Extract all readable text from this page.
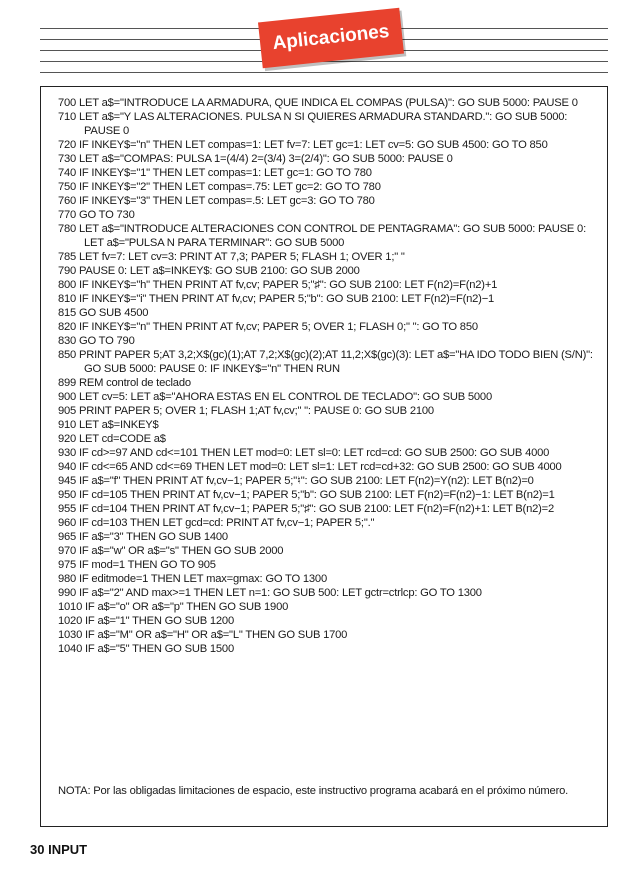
Aplicaciones
700 LET a$="INTRODUCE LA ARMADURA, QUE INDICA EL COMPAS (PULSA)": GO SUB 5000: PAUSE 0
710 LET a$="Y LAS ALTERACIONES. PULSA N SI QUIERES ARMADURA STANDARD.": GO SUB 5000: PAUSE 0
720 IF INKEY$="n" THEN LET compas=1: LET fv=7: LET gc=1: LET cv=5: GO SUB 4500: GO TO 850
730 LET a$="COMPAS: PULSA 1=(4/4) 2=(3/4) 3=(2/4)": GO SUB 5000: PAUSE 0
740 IF INKEY$="1" THEN LET compas=1: LET gc=1: GO TO 780
750 IF INKEY$="2" THEN LET compas=.75: LET gc=2: GO TO 780
760 IF INKEY$="3" THEN LET compas=.5: LET gc=3: GO TO 780
770 GO TO 730
780 LET a$="INTRODUCE ALTERACIONES CON CONTROL DE PENTAGRAMA": GO SUB 5000: PAUSE 0: LET a$="PULSA N PARA TERMINAR": GO SUB 5000
785 LET fv=7: LET cv=3: PRINT AT 7,3; PAPER 5; FLASH 1; OVER 1;" "
790 PAUSE 0: LET a$=INKEY$: GO SUB 2100: GO SUB 2000
800 IF INKEY$="h" THEN PRINT AT fv,cv; PAPER 5;"♯": GO SUB 2100: LET F(n2)=F(n2)+1
810 IF INKEY$="i" THEN PRINT AT fv,cv; PAPER 5;"b": GO SUB 2100: LET F(n2)=F(n2)−1
815 GO SUB 4500
820 IF INKEY$="n" THEN PRINT AT fv,cv; PAPER 5; OVER 1; FLASH 0;" ": GO TO 850
830 GO TO 790
850 PRINT PAPER 5;AT 3,2;X$(gc)(1);AT 7,2;X$(gc)(2);AT 11,2;X$(gc)(3): LET a$="HA IDO TODO BIEN (S/N)": GO SUB 5000: PAUSE 0: IF INKEY$="n" THEN RUN
899 REM control de teclado
900 LET cv=5: LET a$="AHORA ESTAS EN EL CONTROL DE TECLADO": GO SUB 5000
905 PRINT PAPER 5; OVER 1; FLASH 1;AT fv,cv;" ": PAUSE 0: GO SUB 2100
910 LET a$=INKEY$
920 LET cd=CODE a$
930 IF cd>=97 AND cd<=101 THEN LET mod=0: LET sl=0: LET rcd=cd: GO SUB 2500: GO SUB 4000
940 IF cd<=65 AND cd<=69 THEN LET mod=0: LET sl=1: LET rcd=cd+32: GO SUB 2500: GO SUB 4000
945 IF a$="f" THEN PRINT AT fv,cv−1; PAPER 5;"♮": GO SUB 2100: LET F(n2)=Y(n2): LET B(n2)=0
950 IF cd=105 THEN PRINT AT fv,cv−1; PAPER 5;"b": GO SUB 2100: LET F(n2)=F(n2)−1: LET B(n2)=1
955 IF cd=104 THEN PRINT AT fv,cv−1; PAPER 5;"♯": GO SUB 2100: LET F(n2)=F(n2)+1: LET B(n2)=2
960 IF cd=103 THEN LET gcd=cd: PRINT AT fv,cv−1; PAPER 5;"."
965 IF a$="3" THEN GO SUB 1400
970 IF a$="w" OR a$="s" THEN GO SUB 2000
975 IF mod=1 THEN GO TO 905
980 IF editmode=1 THEN LET max=gmax: GO TO 1300
990 IF a$="2" AND max>=1 THEN LET n=1: GO SUB 500: LET gctr=ctrlcp: GO TO 1300
1010 IF a$="o" OR a$="p" THEN GO SUB 1900
1020 IF a$="1" THEN GO SUB 1200
1030 IF a$="M" OR a$="H" OR a$="L" THEN GO SUB 1700
1040 IF a$="5" THEN GO SUB 1500
NOTA: Por las obligadas limitaciones de espacio, este instructivo programa acabará en el próximo número.
30 INPUT
